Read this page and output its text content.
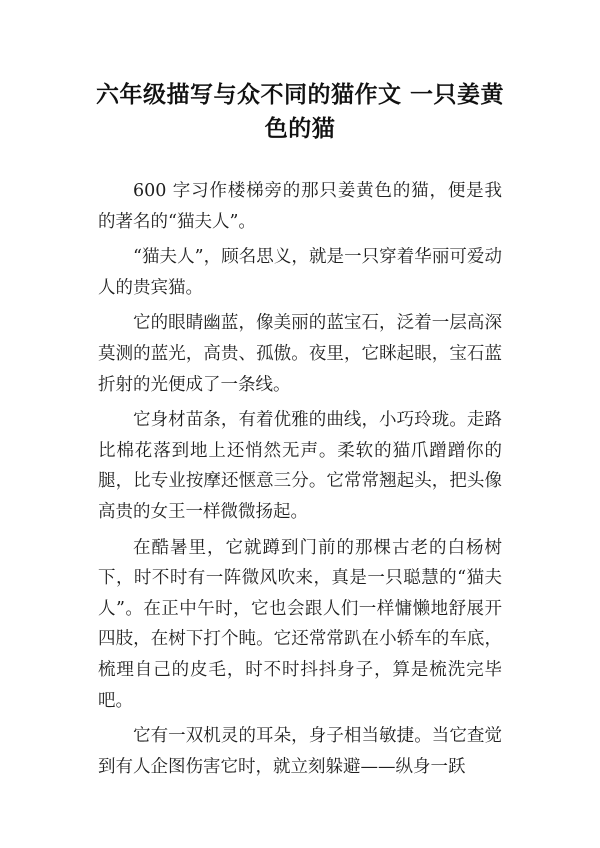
六年级描写与众不同的猫作文 一只姜黄色的猫

600 字习作楼梯旁的那只姜黄色的猫，便是我的著名的“猫夫人”。

“猫夫人”，顾名思义，就是一只穿着华丽可爱动人的贵宾猫。

它的眼睛幽蓝，像美丽的蓝宝石，泛着一层高深莫测的蓝光，高贵、孤傲。夜里，它眯起眼，宝石蓝折射的光便成了一条线。

它身材苗条，有着优雅的曲线，小巧玲珑。走路比棉花落到地上还悄然无声。柔软的猫爪蹭蹭你的腿，比专业按摩还惬意三分。它常常翘起头，把头像高贵的女王一样微微扬起。

在酷暑里，它就蹲到门前的那棵古老的白杨树下，时不时有一阵微风吹来，真是一只聪慧的“猫夫人”。在正中午时，它也会跟人们一样慵懒地舒展开四肢，在树下打个盹。它还常常趴在小轿车的车底，梳理自己的皮毛，时不时抖抖身子，算是梳洗完毕吧。

它有一双机灵的耳朵，身子相当敏捷。当它查觉到有人企图伤害它时，就立刻躲避——纵身一跃
